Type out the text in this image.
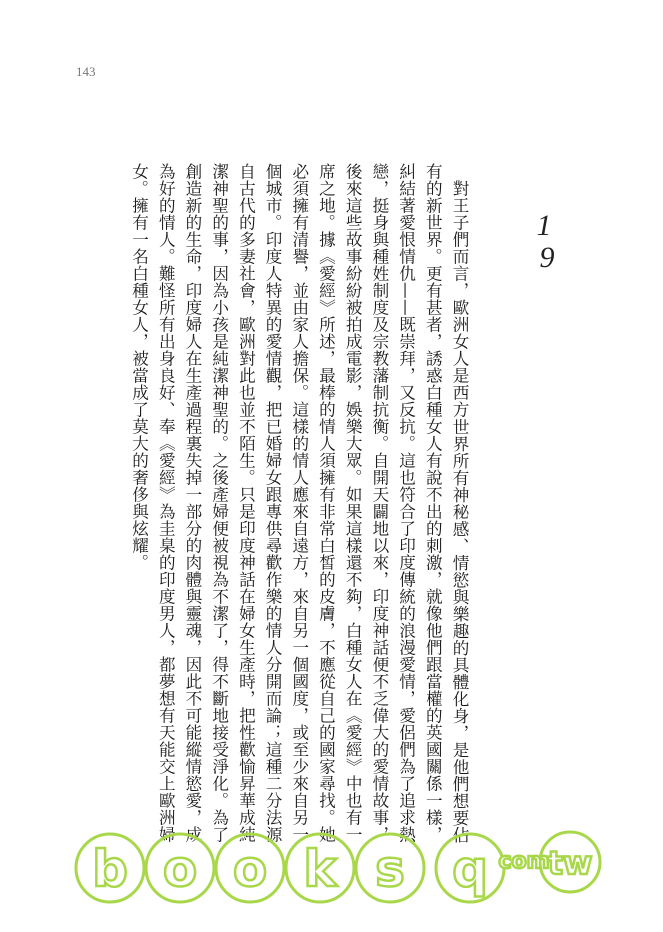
143
1
9

對王子們而言，歐洲女人是西方世界所有神秘感、情慾與樂趣的具體化身，是他們想要佔有的新世界。更有甚者，誘惑白種女人有說不出的刺激，就像他們跟當權的英國關係一樣，糾結著愛恨情仇——既崇拜，又反抗。這也符合了印度傳統的浪漫愛情，愛侶們為了追求熱戀，挺身與種姓制度及宗教藩制抗衡。自開天闢地以來，印度神話便不乏偉大的愛情故事，後來這些故事紛紛被拍成電影，娛樂大眾。如果這樣還不夠，白種女人在《愛經》中也有一席之地。據《愛經》所述，最棒的情人須擁有非常白皙的皮膚，不應從自己的國家尋找。她必須擁有清譽，並由家人擔保。這樣的情人應來自遠方，來自另一個國度，或至少來自另一個城市。印度人特異的愛情觀，把已婚婦女跟專供尋歡作樂的情人分開而論；這種二分法源自古代的多妻社會，歐洲對此也並不陌生。只是印度神話在婦女生產時，把性歡愉昇華成純潔神聖的事，因為小孩是純潔神聖的。之後產婦便被視為不潔了，得不斷地接受淨化。為了創造新的生命，印度婦人在生產過程裏失掉一部分的肉體與靈魂，因此不可能縱情慾愛，成為好的情人。難怪所有出身良好、奉《愛經》為圭臬的印度男人，都夢想有天能交上歐洲婦女。擁有一名白種女人，被當成了莫大的奢侈與炫耀。

b o o k s q com
tw
